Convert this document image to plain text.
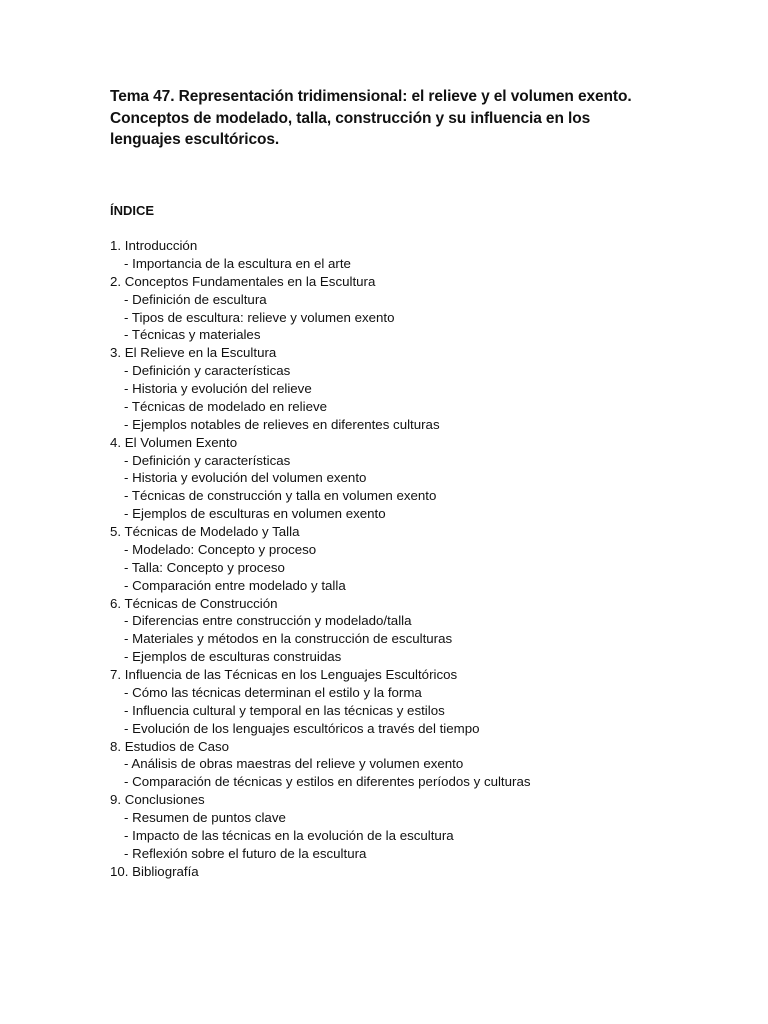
Tema 47. Representación tridimensional: el relieve y el volumen exento.
Conceptos de modelado, talla, construcción y su influencia en los
lenguajes escultóricos.
ÍNDICE
1. Introducción
- Importancia de la escultura en el arte
2. Conceptos Fundamentales en la Escultura
- Definición de escultura
- Tipos de escultura: relieve y volumen exento
- Técnicas y materiales
3. El Relieve en la Escultura
- Definición y características
- Historia y evolución del relieve
- Técnicas de modelado en relieve
- Ejemplos notables de relieves en diferentes culturas
4. El Volumen Exento
- Definición y características
- Historia y evolución del volumen exento
- Técnicas de construcción y talla en volumen exento
- Ejemplos de esculturas en volumen exento
5. Técnicas de Modelado y Talla
- Modelado: Concepto y proceso
- Talla: Concepto y proceso
- Comparación entre modelado y talla
6. Técnicas de Construcción
- Diferencias entre construcción y modelado/talla
- Materiales y métodos en la construcción de esculturas
- Ejemplos de esculturas construidas
7. Influencia de las Técnicas en los Lenguajes Escultóricos
- Cómo las técnicas determinan el estilo y la forma
- Influencia cultural y temporal en las técnicas y estilos
- Evolución de los lenguajes escultóricos a través del tiempo
8. Estudios de Caso
- Análisis de obras maestras del relieve y volumen exento
- Comparación de técnicas y estilos en diferentes períodos y culturas
9. Conclusiones
- Resumen de puntos clave
- Impacto de las técnicas en la evolución de la escultura
- Reflexión sobre el futuro de la escultura
10. Bibliografía
